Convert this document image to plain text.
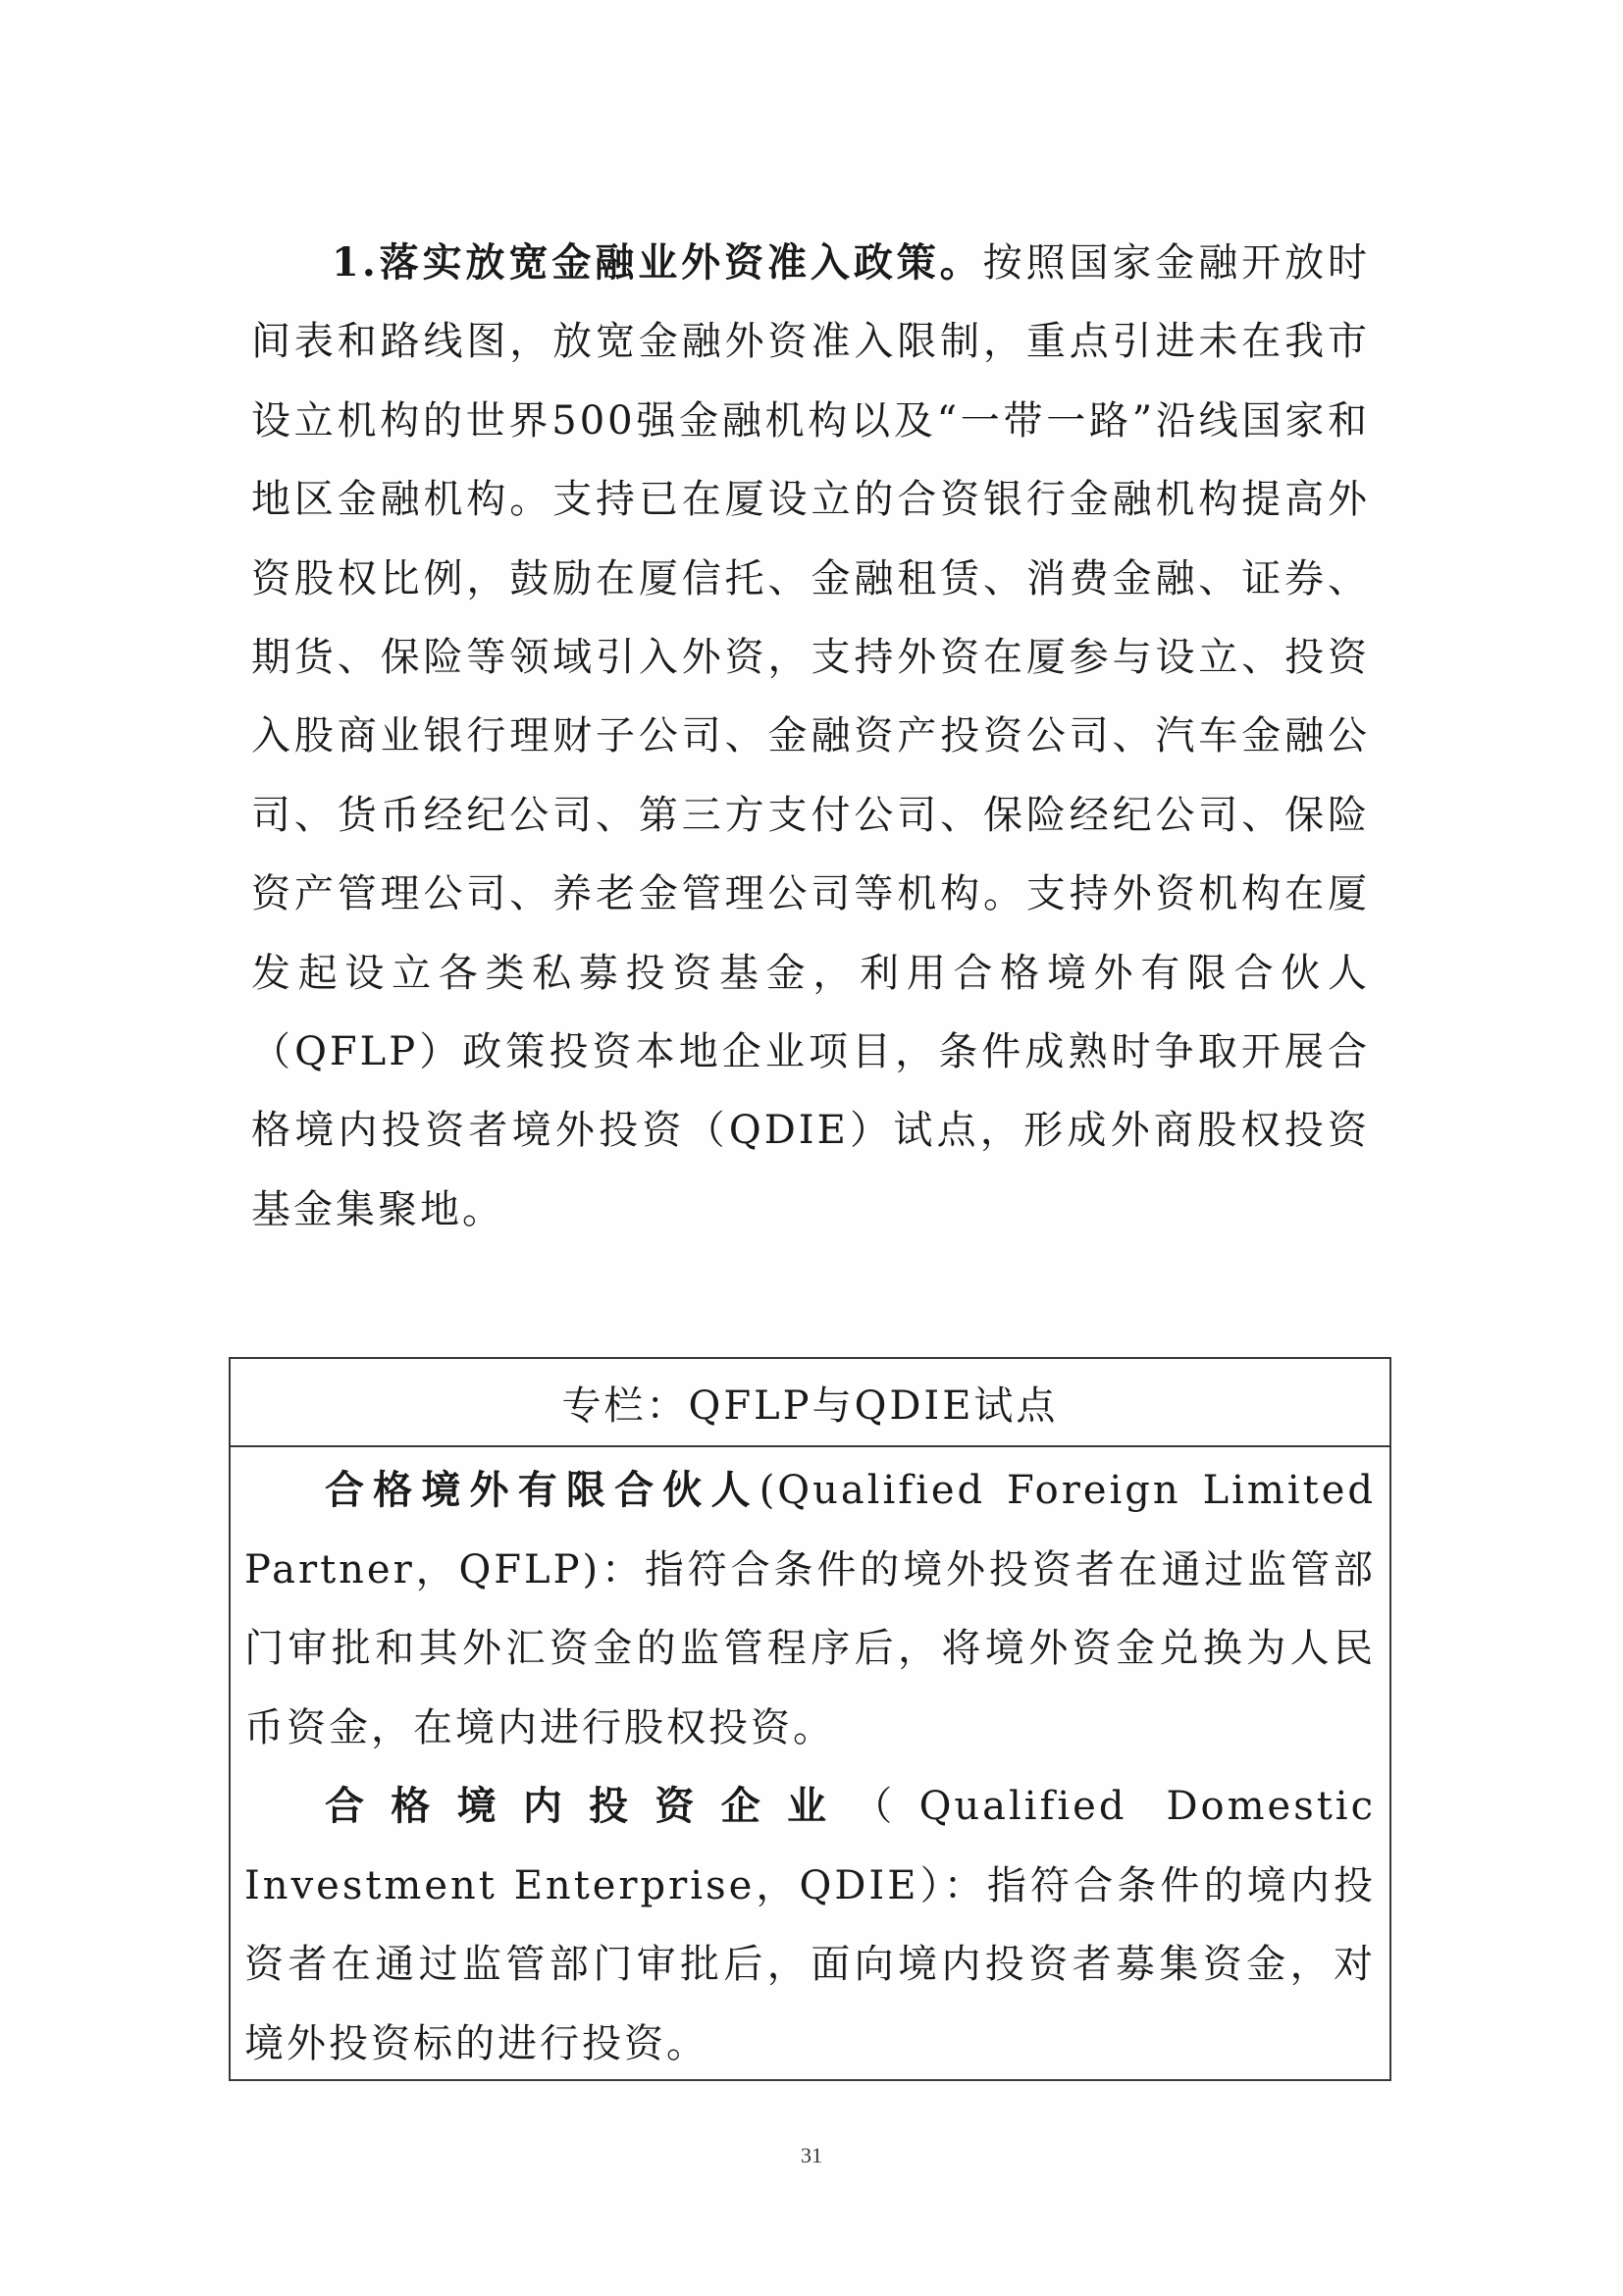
1.落实放宽金融业外资准入政策。按照国家金融开放时间表和路线图，放宽金融外资准入限制，重点引进未在我市设立机构的世界500强金融机构以及“一带一路”沿线国家和地区金融机构。支持已在厦设立的合资银行金融机构提高外资股权比例，鼓励在厦信托、金融租赁、消费金融、证券、期货、保险等领域引入外资，支持外资在厦参与设立、投资入股商业银行理财子公司、金融资产投资公司、汽车金融公司、货币经纪公司、第三方支付公司、保险经纪公司、保险资产管理公司、养老金管理公司等机构。支持外资机构在厦发起设立各类私募投资基金，利用合格境外有限合伙人（QFLP）政策投资本地企业项目，条件成熟时争取开展合格境内投资者境外投资（QDIE）试点，形成外商股权投资基金集聚地。

专栏：QFLP与QDIE试点

合格境外有限合伙人(Qualified Foreign Limited Partner，QFLP)：指符合条件的境外投资者在通过监管部门审批和其外汇资金的监管程序后，将境外资金兑换为人民币资金，在境内进行股权投资。

合格境内投资企业（Qualified Domestic Investment Enterprise，QDIE）：指符合条件的境内投资者在通过监管部门审批后，面向境内投资者募集资金，对境外投资标的进行投资。

31
